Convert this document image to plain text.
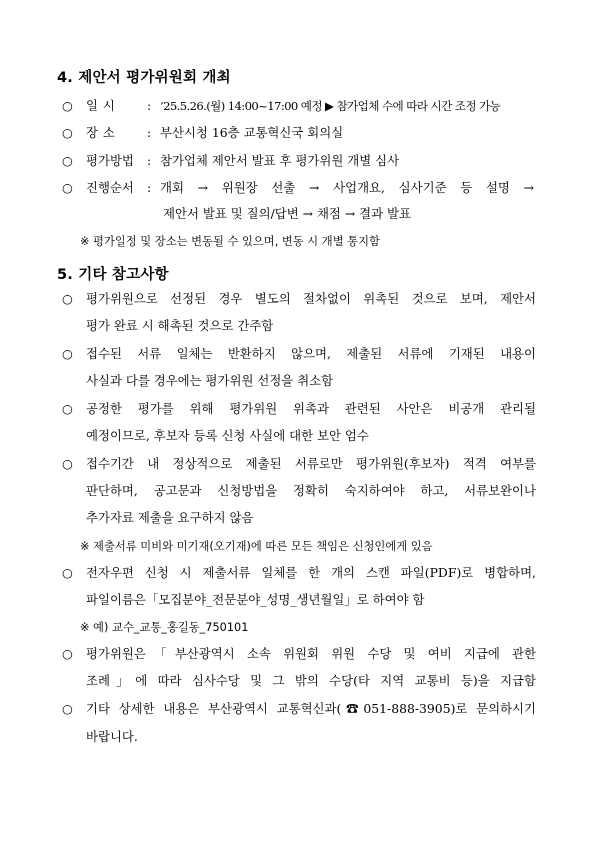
4. 제안서 평가위원회 개최
○ 일 시	: ’25.5.26.(월) 14:00~17:00 예정 ▶ 참가업체 수에 따라 시간 조정 가능
○ 장 소	: 부산시청 16층 교통혁신국 회의실
○ 평가방법 : 참가업체 제안서 발표 후 평가위원 개별 심사
○ 진행순서 : 개회 → 위원장 선출 → 사업개요, 심사기준 등 설명 →
제안서 발표 및 질의/답변 → 채점 → 결과 발표
※ 평가일정 및 장소는 변동될 수 있으며, 변동 시 개별 통지함
5. 기타 참고사항
○ 평가위원으로 선정된 경우 별도의 절차없이 위촉된 것으로 보며, 제안서
평가 완료 시 해촉된 것으로 간주함
○ 접수된 서류 일체는 반환하지 않으며, 제출된 서류에 기재된 내용이
사실과 다를 경우에는 평가위원 선정을 취소함
○ 공정한 평가를 위해 평가위원 위촉과 관련된 사안은 비공개 관리될
예정이므로, 후보자 등록 신청 사실에 대한 보안 엄수
○ 접수기간 내 정상적으로 제출된 서류로만 평가위원(후보자) 적격 여부를
판단하며, 공고문과 신청방법을 정확히 숙지하여야 하고, 서류보완이나
추가자료 제출을 요구하지 않음
※ 제출서류 미비와 미기재(오기재)에 따른 모든 책임은 신청인에게 있음
○ 전자우편 신청 시 제출서류 일체를 한 개의 스캔 파일(PDF)로 병합하며,
파일이름은「모집분야_전문분야_성명_생년월일」로 하여야 함
※ 예) 교수_교통_홍길동_750101
○ 평가위원은「부산광역시 소속 위원회 위원 수당 및 여비 지급에 관한
조례」에 따라 심사수당 및 그 밖의 수당(타 지역 교통비 등)을 지급함
○ 기타 상세한 내용은 부산광역시 교통혁신과(☎051-888-3905)로 문의하시기
바랍니다.
